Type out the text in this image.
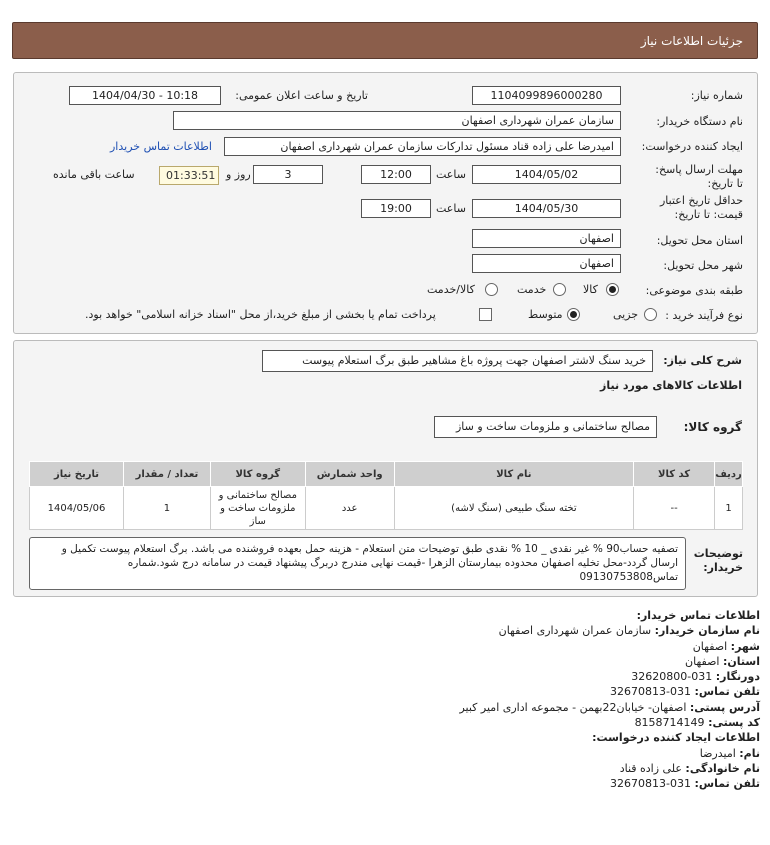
جزئیات اطلاعات نیاز
شماره نیاز:
1104099896000280
تاریخ و ساعت اعلان عمومی:
1404/04/30 - 10:18
نام دستگاه خریدار:
سازمان عمران شهرداری اصفهان
ایجاد کننده درخواست:
امیدرضا علی زاده قناد مسئول تدارکات سازمان عمران شهرداری اصفهان
اطلاعات تماس خریدار
مهلت ارسال پاسخ: تا تاریخ:
1404/05/02
ساعت
12:00
3
روز و
01:33:51
ساعت باقی مانده
حداقل تاریخ اعتبار قیمت: تا تاریخ:
1404/05/30
ساعت
19:00
استان محل تحویل:
اصفهان
شهر محل تحویل:
اصفهان
طبقه بندی موضوعی:
کالا
خدمت
کالا/خدمت
نوع فرآیند خرید :
جزیی
متوسط
پرداخت تمام یا بخشی از مبلغ خرید،از محل "اسناد خزانه اسلامی" خواهد بود.
شرح کلی نیاز:
خرید سنگ لاشتر اصفهان جهت پروژه باغ مشاهیر طبق برگ استعلام پیوست
اطلاعات کالاهای مورد نیاز
گروه کالا:
مصالح ساختمانی و ملزومات ساخت و ساز
ردیف	کد کالا	نام کالا	واحد شمارش	گروه کالا	تعداد / مقدار	تاریخ نیاز
1	--	تخته سنگ طبیعی (سنگ لاشه)	عدد	مصالح ساختمانی و ملزومات ساخت و ساز	1	1404/05/06
توضیحات خریدار:
تصفیه حساب90 % غیر نقدی _ 10 % نقدی طبق توضیحات متن استعلام - هزینه حمل بعهده فروشنده می باشد. برگ استعلام پیوست تکمیل و ارسال گردد-محل تخلیه اصفهان محدوده بیمارستان الزهرا -قیمت نهایی مندرج دربرگ پیشنهاد قیمت در سامانه درج شود.شماره تماس09130753808
اطلاعات تماس خریدار:
نام سازمان خریدار: سازمان عمران شهرداری اصفهان
شهر: اصفهان
استان: اصفهان
دورنگار: 031-32620800
تلفن تماس: 031-32670813
آدرس پستی: اصفهان- خیابان22بهمن - مجموعه اداری امیر کبیر
کد پستی: 8158714149
اطلاعات ایجاد کننده درخواست:
نام: امیدرضا
نام خانوادگی: علی زاده قناد
تلفن تماس: 031-32670813
